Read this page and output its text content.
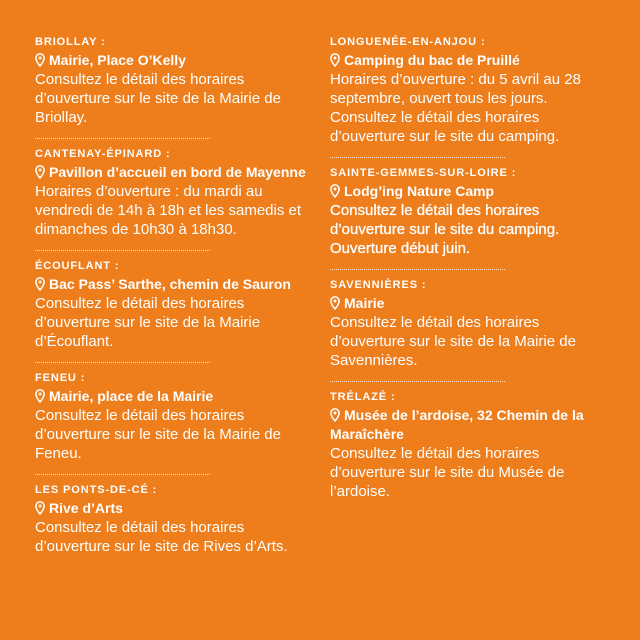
BRIOLLAY :
Mairie, Place O’Kelly
Consultez le détail des horaires
d’ouverture sur le site de la Mairie de
Briollay.
CANTENAY-ÉPINARD :
Pavillon d’accueil en bord de Mayenne
Horaires d’ouverture : du mardi au
vendredi de 14h à 18h et les samedis et
dimanches de 10h30 à 18h30.
ÉCOUFLANT :
Bac Pass’ Sarthe, chemin de Sauron
Consultez le détail des horaires
d’ouverture sur le site de la Mairie
d’Écouflant.
FENEU :
Mairie, place de la Mairie
Consultez le détail des horaires
d’ouverture sur le site de la Mairie de
Feneu.
LES PONTS-DE-CÉ :
Rive d’Arts
Consultez le détail des horaires
d’ouverture sur le site de Rives d’Arts.
LONGUENÉE-EN-ANJOU :
Camping du bac de Pruillé
Horaires d’ouverture : du 5 avril au 28
septembre, ouvert tous les jours.
Consultez le détail des horaires
d’ouverture sur le site du camping.
SAINTE-GEMMES-SUR-LOIRE :
Lodg’ing Nature Camp
Consultez le détail des horaires
d’ouverture sur le site du camping.
Ouverture début juin.
SAVENNIÈRES :
Mairie
Consultez le détail des horaires
d’ouverture sur le site de la Mairie de
Savennières.
TRÉLAZÉ :
Musée de l’ardoise, 32 Chemin de la
Maraîchère
Consultez le détail des horaires
d’ouverture sur le site du Musée de
l’ardoise.
